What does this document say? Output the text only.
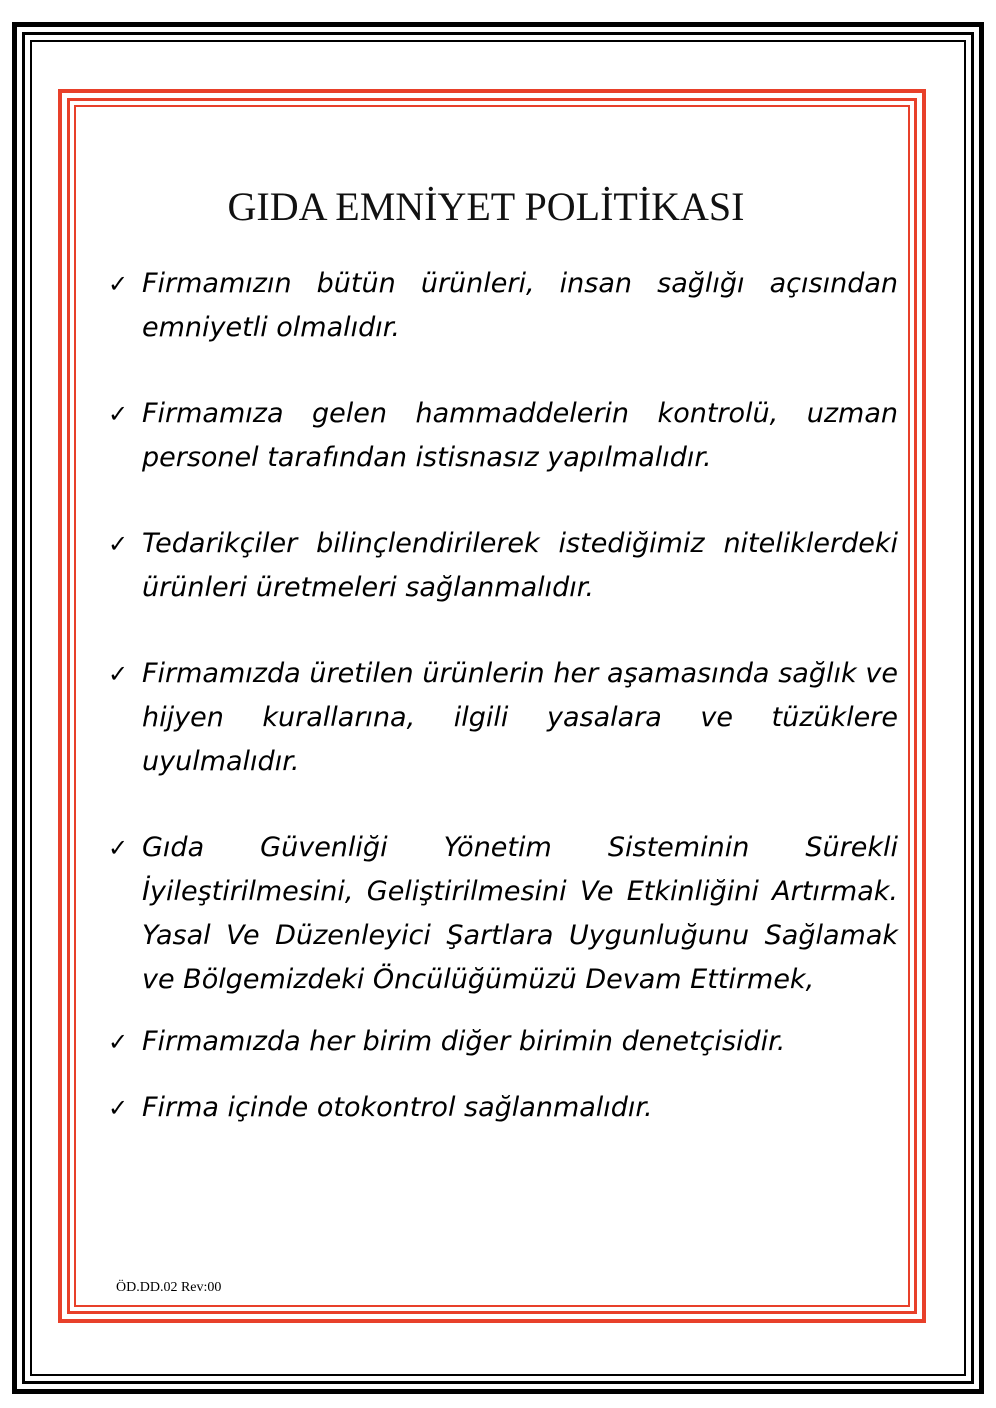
GIDA EMNİYET POLİTİKASI
✓ Firmamızın bütün ürünleri, insan sağlığı açısından emniyetli olmalıdır.
✓ Firmamıza gelen hammaddelerin kontrolü, uzman personel tarafından istisnasız yapılmalıdır.
✓ Tedarikçiler bilinçlendirilerek istediğimiz niteliklerdeki ürünleri üretmeleri sağlanmalıdır.
✓ Firmamızda üretilen ürünlerin her aşamasında sağlık ve hijyen kurallarına, ilgili yasalara ve tüzüklere uyulmalıdır.
✓ Gıda Güvenliği Yönetim Sisteminin Sürekli İyileştirilmesini, Geliştirilmesini Ve Etkinliğini Artırmak. Yasal Ve Düzenleyici Şartlara Uygunluğunu Sağlamak ve Bölgemizdeki Öncülüğümüzü Devam Ettirmek,
✓ Firmamızda her birim diğer birimin denetçisidir.
✓ Firma içinde otokontrol sağlanmalıdır.
ÖD.DD.02 Rev:00
